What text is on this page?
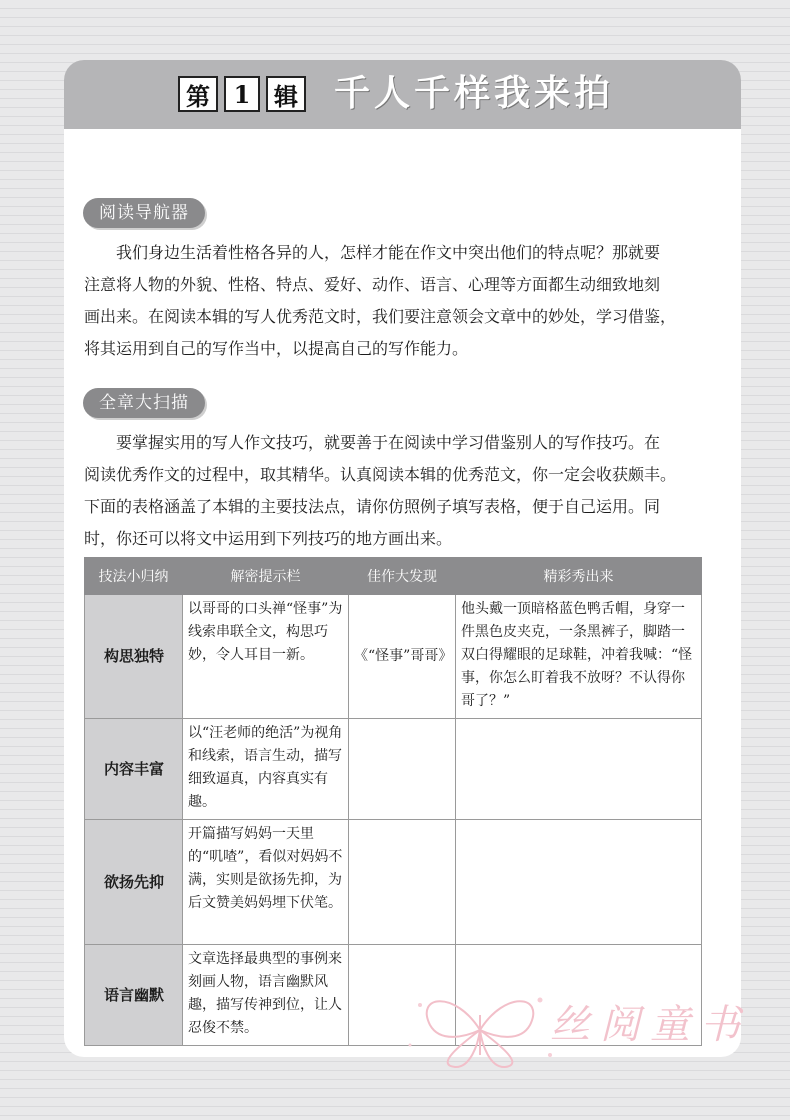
第 1 辑 千人千样我来拍
阅读导航器
我们身边生活着性格各异的人，怎样才能在作文中突出他们的特点呢？那就要
注意将人物的外貌、性格、特点、爱好、动作、语言、心理等方面都生动细致地刻
画出来。在阅读本辑的写人优秀范文时，我们要注意领会文章中的妙处，学习借鉴，
将其运用到自己的写作当中，以提高自己的写作能力。
全章大扫描
要掌握实用的写人作文技巧，就要善于在阅读中学习借鉴别人的写作技巧。在
阅读优秀作文的过程中，取其精华。认真阅读本辑的优秀范文，你一定会收获颇丰。
下面的表格涵盖了本辑的主要技法点，请你仿照例子填写表格，便于自己运用。同
时，你还可以将文中运用到下列技巧的地方画出来。
技法小归纳	解密提示栏	佳作大发现	精彩秀出来
构思独特	以哥哥的口头禅“怪事”为线索串联全文，构思巧妙，令人耳目一新。	《“怪事”哥哥》	他头戴一顶暗格蓝色鸭舌帽，身穿一件黑色皮夹克，一条黑裤子，脚踏一双白得耀眼的足球鞋，冲着我喊：“怪事，你怎么盯着我不放呀？不认得你哥了？”
内容丰富	以“汪老师的绝活”为视角和线索，语言生动，描写细致逼真，内容真实有趣。		
欲扬先抑	开篇描写妈妈一天里的“叽喳”，看似对妈妈不满，实则是欲扬先抑，为后文赞美妈妈埋下伏笔。		
语言幽默	文章选择最典型的事例来刻画人物，语言幽默风趣，描写传神到位，让人忍俊不禁。			丝阅童书
